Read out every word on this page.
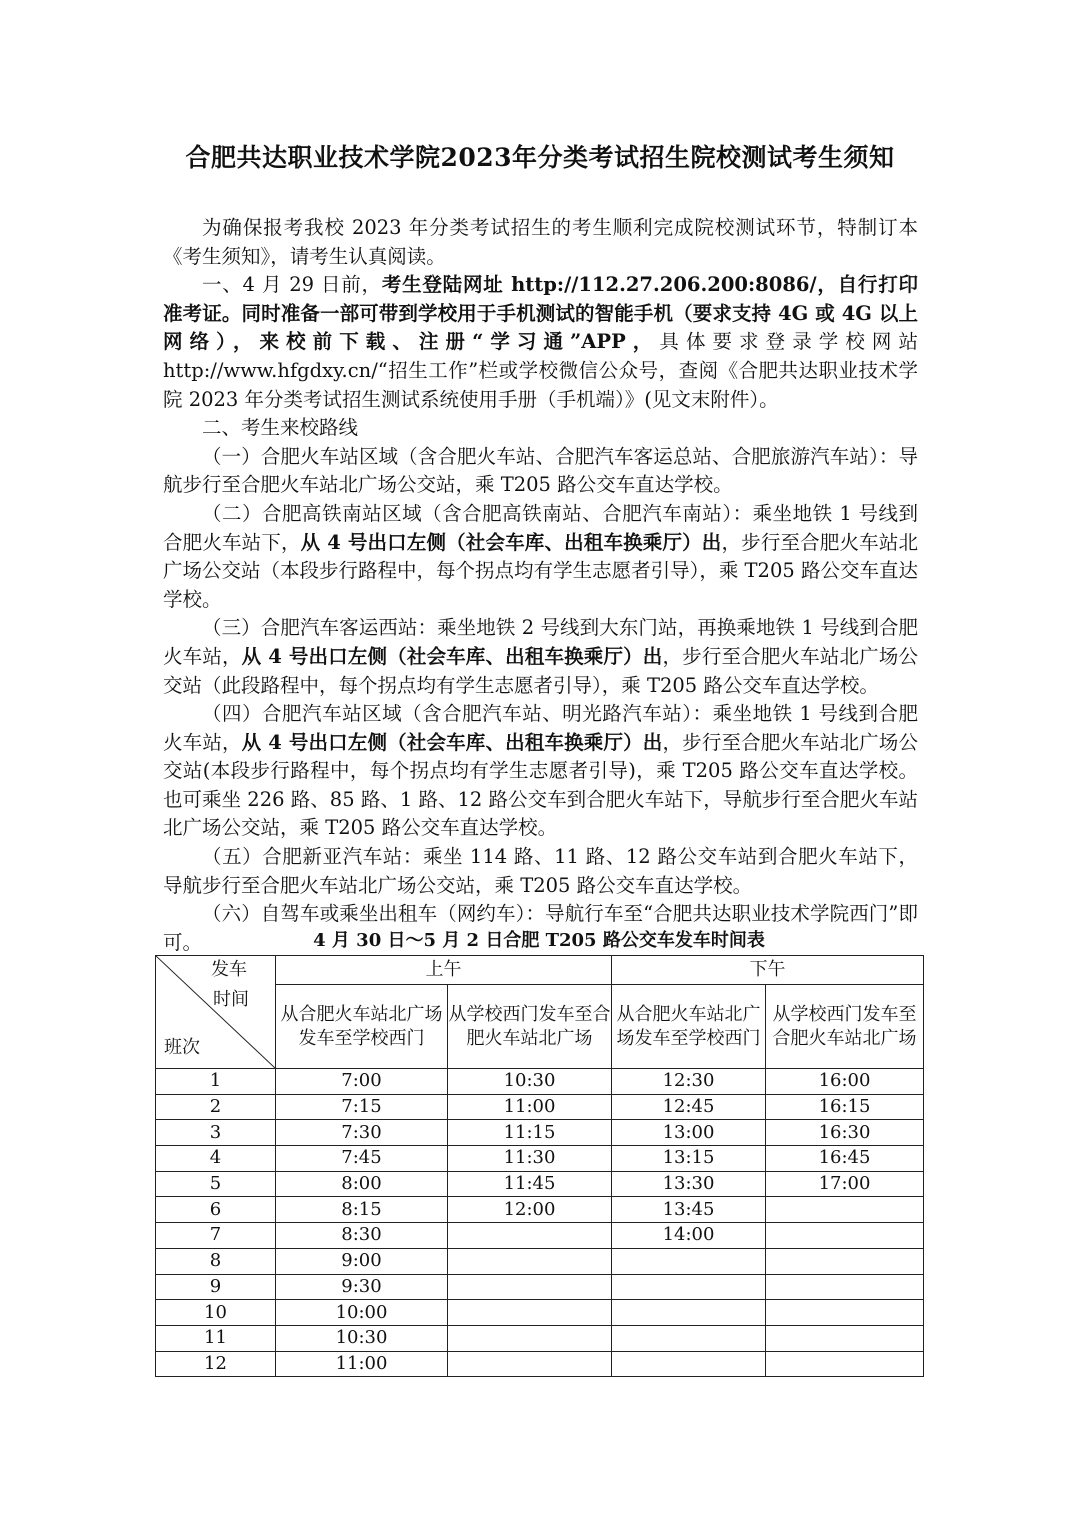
合肥共达职业技术学院2023年分类考试招生院校测试考生须知

为确保报考我校 2023 年分类考试招生的考生顺利完成院校测试环节，特制订本《考生须知》，请考生认真阅读。

一、4 月 29 日前，考生登陆网址 http://112.27.206.200:8086/，自行打印准考证。同时准备一部可带到学校用于手机测试的智能手机（要求支持 4G 或 4G 以上网络），来校前下载、注册“学习通”APP，具体要求登录学校网站 http://www.hfgdxy.cn/“招生工作”栏或学校微信公众号，查阅《合肥共达职业技术学院 2023 年分类考试招生测试系统使用手册（手机端）》(见文末附件）。

二、考生来校路线

（一）合肥火车站区域（含合肥火车站、合肥汽车客运总站、合肥旅游汽车站）：导航步行至合肥火车站北广场公交站，乘 T205 路公交车直达学校。

（二）合肥高铁南站区域（含合肥高铁南站、合肥汽车南站）：乘坐地铁 1 号线到合肥火车站下，从 4 号出口左侧（社会车库、出租车换乘厅）出，步行至合肥火车站北广场公交站（本段步行路程中，每个拐点均有学生志愿者引导），乘 T205 路公交车直达学校。

（三）合肥汽车客运西站：乘坐地铁 2 号线到大东门站，再换乘地铁 1 号线到合肥火车站，从 4 号出口左侧（社会车库、出租车换乘厅）出，步行至合肥火车站北广场公交站（此段路程中，每个拐点均有学生志愿者引导），乘 T205 路公交车直达学校。

（四）合肥汽车站区域（含合肥汽车站、明光路汽车站）：乘坐地铁 1 号线到合肥火车站，从 4 号出口左侧（社会车库、出租车换乘厅）出，步行至合肥火车站北广场公交站(本段步行路程中，每个拐点均有学生志愿者引导)，乘 T205 路公交车直达学校。也可乘坐 226 路、85 路、1 路、12 路公交车到合肥火车站下，导航步行至合肥火车站北广场公交站，乘 T205 路公交车直达学校。

（五）合肥新亚汽车站：乘坐 114 路、11 路、12 路公交车站到合肥火车站下，导航步行至合肥火车站北广场公交站，乘 T205 路公交车直达学校。

（六）自驾车或乘坐出租车（网约车）：导航行车至“合肥共达职业技术学院西门”即可。	4 月 30 日～5 月 2 日合肥 T205 路公交车发车时间表
发车
时间
班次	上午		下午	
	从合肥火车站北广场发车至学校西门	从学校西门发车至合肥火车站北广场	从合肥火车站北广场发车至学校西门	从学校西门发车至合肥火车站北广场
1	7:00	10:30	12:30	16:00
2	7:15	11:00	12:45	16:15
3	7:30	11:15	13:00	16:30
4	7:45	11:30	13:15	16:45
5	8:00	11:45	13:30	17:00
6	8:15	12:00	13:45	
7	8:30		14:00	
8	9:00			
9	9:30			
10	10:00			
11	10:30			
12	11:00			
